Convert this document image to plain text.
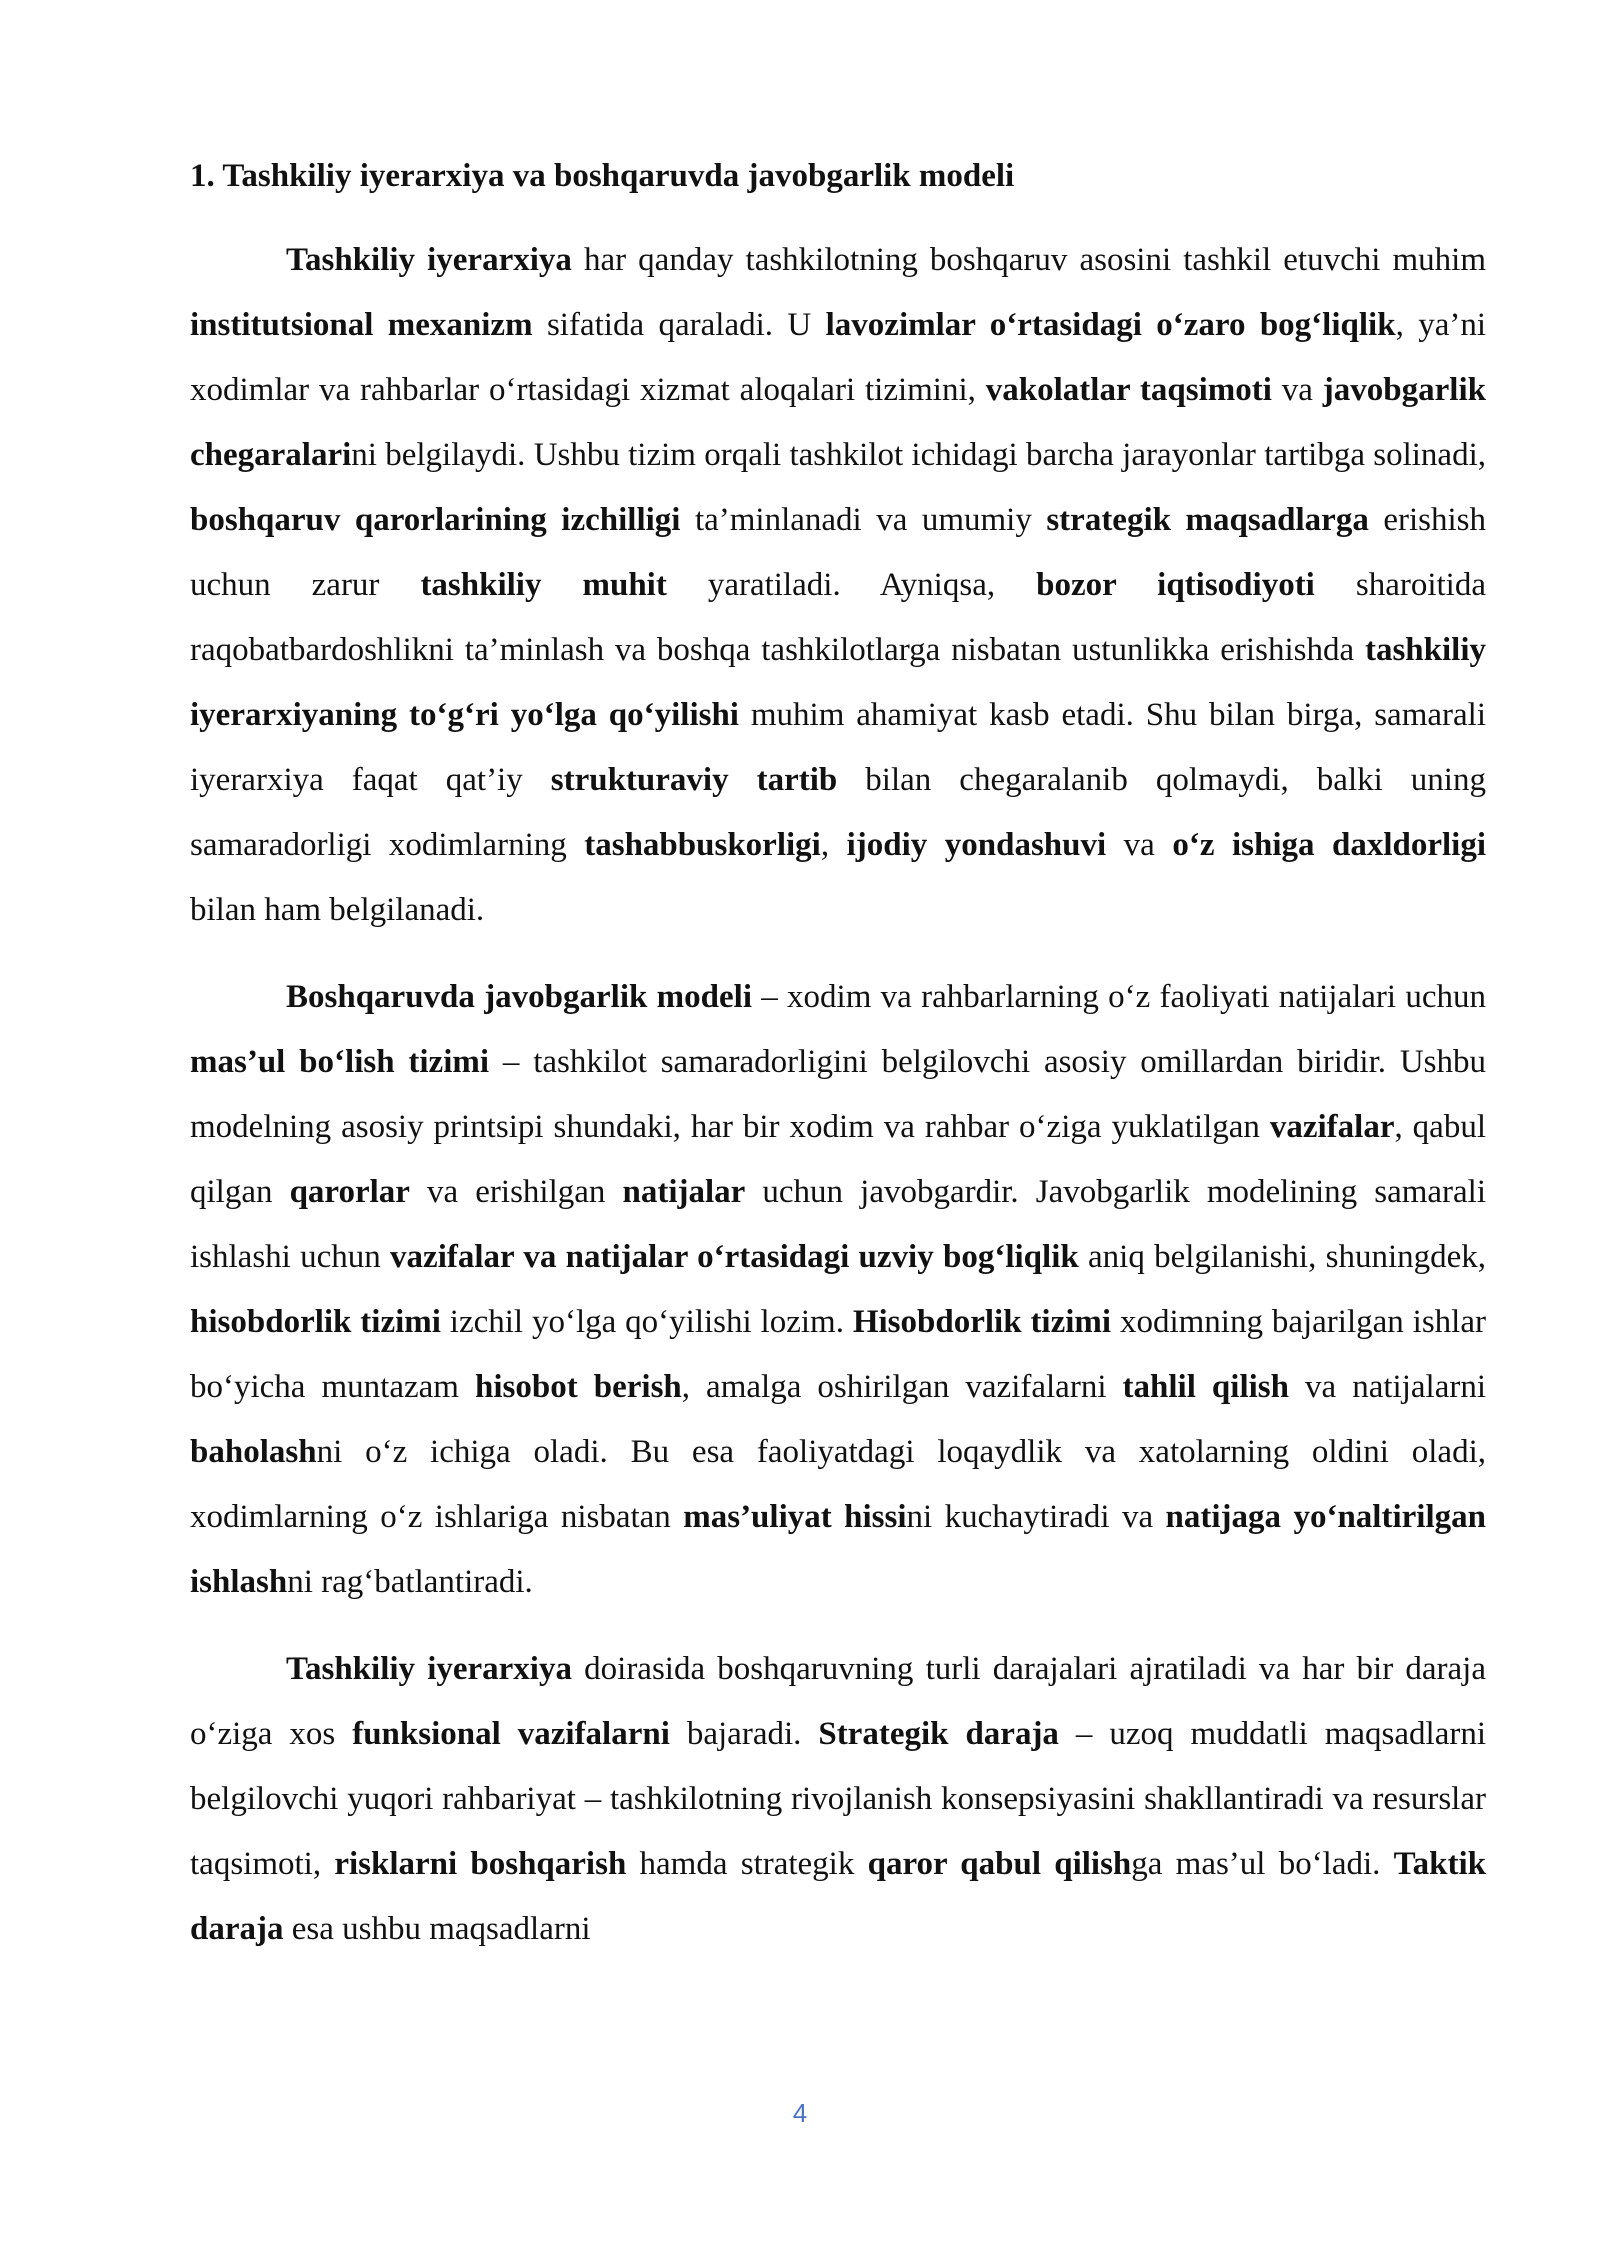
1. Tashkiliy iyerarxiya va boshqaruvda javobgarlik modeli

Tashkiliy iyerarxiya har qanday tashkilotning boshqaruv asosini tashkil etuvchi muhim institutsional mexanizm sifatida qaraladi. U lavozimlar o‘rtasidagi o‘zaro bog‘liqlik, ya’ni xodimlar va rahbarlar o‘rtasidagi xizmat aloqalari tizimini, vakolatlar taqsimoti va javobgarlik chegaralarini belgilaydi. Ushbu tizim orqali tashkilot ichidagi barcha jarayonlar tartibga solinadi, boshqaruv qarorlarining izchilligi ta’minlanadi va umumiy strategik maqsadlarga erishish uchun zarur tashkiliy muhit yaratiladi. Ayniqsa, bozor iqtisodiyoti sharoitida raqobatbardoshlikni ta’minlash va boshqa tashkilotlarga nisbatan ustunlikka erishishda tashkiliy iyerarxiyaning to‘g‘ri yo‘lga qo‘yilishi muhim ahamiyat kasb etadi. Shu bilan birga, samarali iyerarxiya faqat qat’iy strukturaviy tartib bilan chegaralanib qolmaydi, balki uning samaradorligi xodimlarning tashabbuskorligi, ijodiy yondashuvi va o‘z ishiga daxldorligi bilan ham belgilanadi.

Boshqaruvda javobgarlik modeli – xodim va rahbarlarning o‘z faoliyati natijalari uchun mas’ul bo‘lish tizimi – tashkilot samaradorligini belgilovchi asosiy omillardan biridir. Ushbu modelning asosiy printsipi shundaki, har bir xodim va rahbar o‘ziga yuklatilgan vazifalar, qabul qilgan qarorlar va erishilgan natijalar uchun javobgardir. Javobgarlik modelining samarali ishlashi uchun vazifalar va natijalar o‘rtasidagi uzviy bog‘liqlik aniq belgilanishi, shuningdek, hisobdorlik tizimi izchil yo‘lga qo‘yilishi lozim. Hisobdorlik tizimi xodimning bajarilgan ishlar bo‘yicha muntazam hisobot berish, amalga oshirilgan vazifalarni tahlil qilish va natijalarni baholashni o‘z ichiga oladi. Bu esa faoliyatdagi loqaydlik va xatolarning oldini oladi, xodimlarning o‘z ishlariga nisbatan mas’uliyat hissini kuchaytiradi va natijaga yo‘naltirilgan ishlashni rag‘batlantiradi.

Tashkiliy iyerarxiya doirasida boshqaruvning turli darajalari ajratiladi va har bir daraja o‘ziga xos funksional vazifalarni bajaradi. Strategik daraja – uzoq muddatli maqsadlarni belgilovchi yuqori rahbariyat – tashkilotning rivojlanish konsepsiyasini shakllantiradi va resurslar taqsimoti, risklarni boshqarish hamda strategik qaror qabul qilishga mas’ul bo‘ladi. Taktik daraja esa ushbu maqsadlarni

4
